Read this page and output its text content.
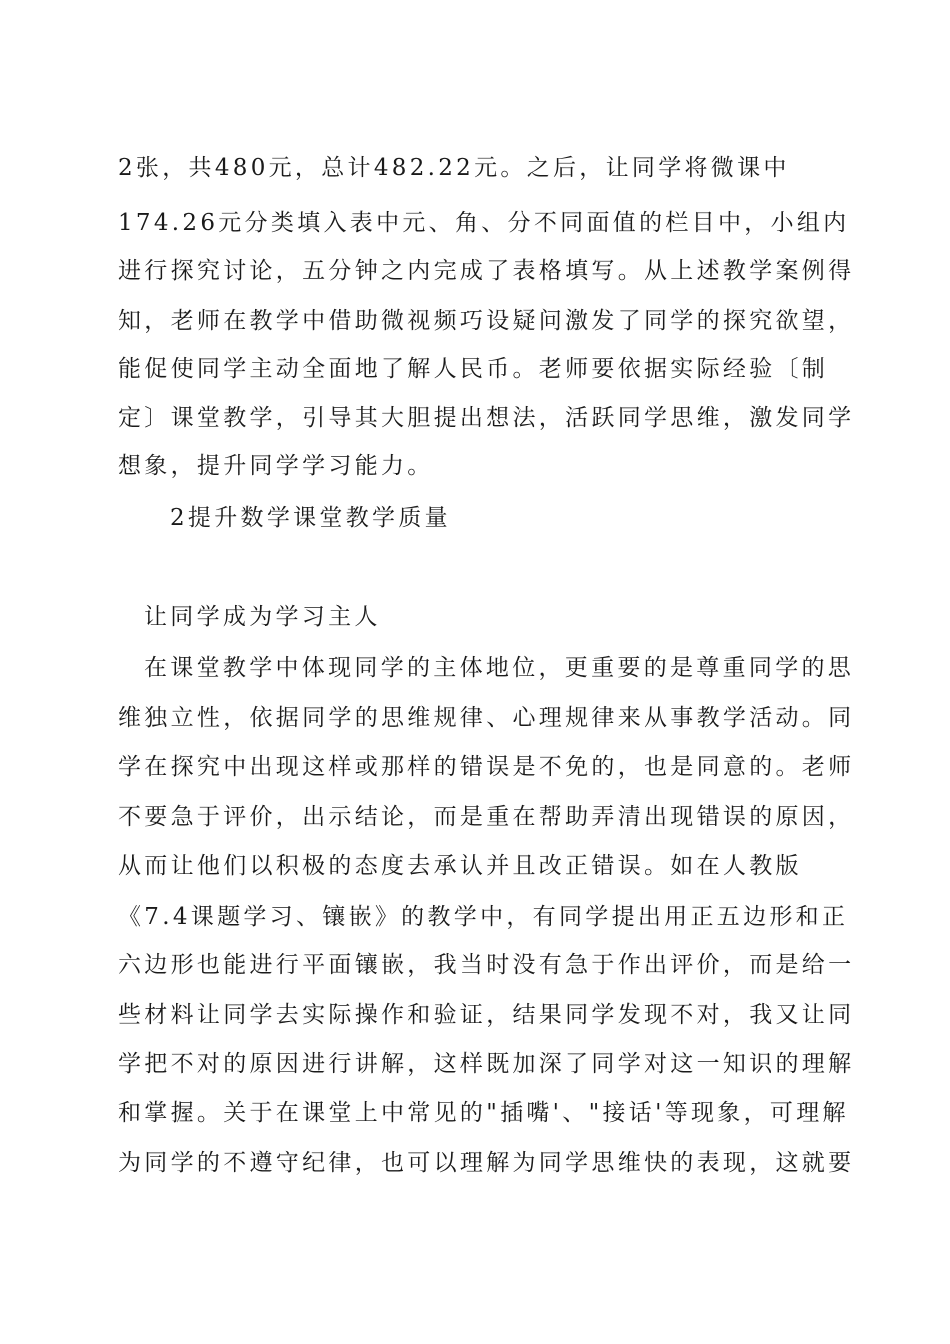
2张，共480元，总计482.22元。之后，让同学将微课中
174.26元分类填入表中元、角、分不同面值的栏目中，小组内
进行探究讨论，五分钟之内完成了表格填写。从上述教学案例得
知，老师在教学中借助微视频巧设疑问激发了同学的探究欲望，
能促使同学主动全面地了解人民币。老师要依据实际经验〔制
定〕课堂教学，引导其大胆提出想法，活跃同学思维，激发同学
想象，提升同学学习能力。
2提升数学课堂教学质量
让同学成为学习主人
在课堂教学中体现同学的主体地位，更重要的是尊重同学的思
维独立性，依据同学的思维规律、心理规律来从事教学活动。同
学在探究中出现这样或那样的错误是不免的，也是同意的。老师
不要急于评价，出示结论，而是重在帮助弄清出现错误的原因，
从而让他们以积极的态度去承认并且改正错误。如在人教版
《7.4课题学习、镶嵌》的教学中，有同学提出用正五边形和正
六边形也能进行平面镶嵌，我当时没有急于作出评价，而是给一
些材料让同学去实际操作和验证，结果同学发现不对，我又让同
学把不对的原因进行讲解，这样既加深了同学对这一知识的理解
和掌握。关于在课堂上中常见的"插嘴'、"接话'等现象，可理解
为同学的不遵守纪律，也可以理解为同学思维快的表现，这就要
